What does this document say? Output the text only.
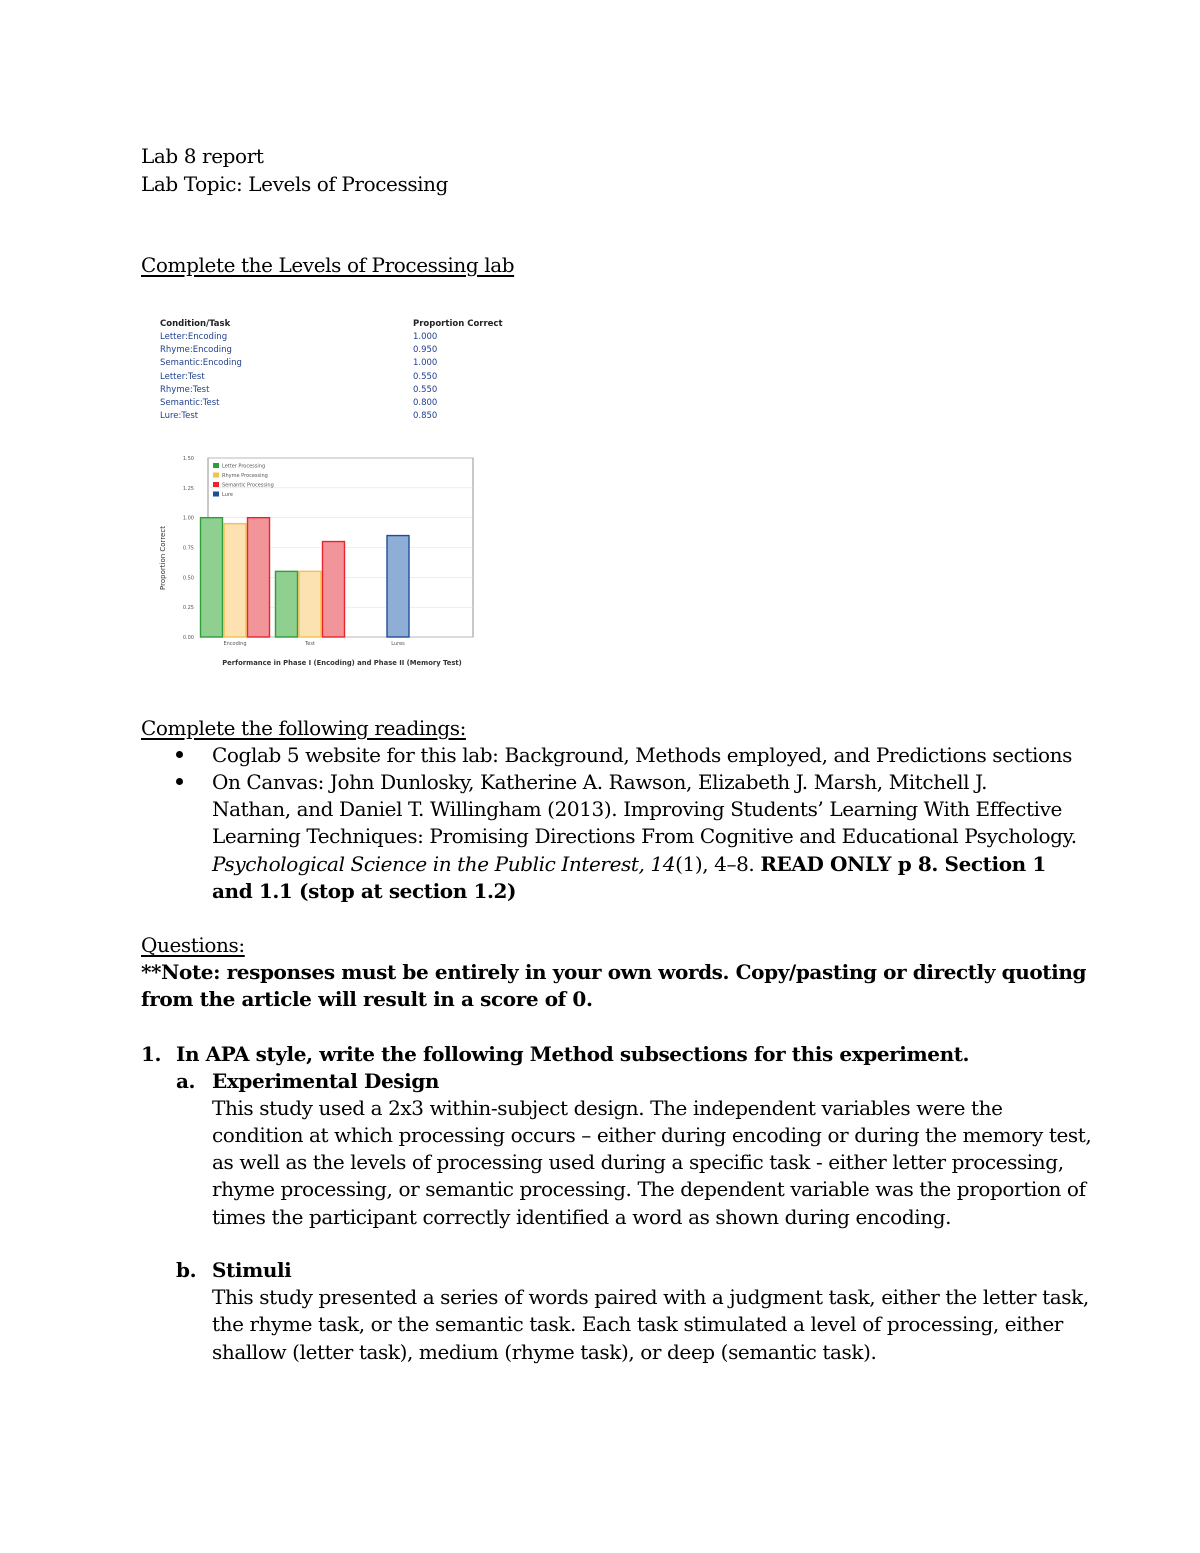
Lab 8 report
Lab Topic: Levels of Processing
Complete the Levels of Processing lab
Condition/Task	Proportion Correct
Letter:Encoding	1.000
Rhyme:Encoding	0.950
Semantic:Encoding	1.000
Letter:Test	0.550
Rhyme:Test	0.550
Semantic:Test	0.800
Lure:Test	0.850
0.00
0.25
0.50
0.75
1.00
1.25
1.50
Encoding	Test	Lures
Letter Processing
Rhyme Processing
Semantic Processing
Lure
Proportion Correct
Performance in Phase I (Encoding) and Phase II (Memory Test)
Complete the following readings:
Coglab 5 website for this lab: Background, Methods employed, and Predictions sections
On Canvas: John Dunlosky, Katherine A. Rawson, Elizabeth J. Marsh, Mitchell J.
Nathan, and Daniel T. Willingham (2013). Improving Students’ Learning With Effective
Learning Techniques: Promising Directions From Cognitive and Educational Psychology.
Psychological Science in the Public Interest, 14(1), 4–8. READ ONLY p 8. Section 1
and 1.1 (stop at section 1.2)
Questions:
**Note: responses must be entirely in your own words. Copy/pasting or directly quoting
from the article will result in a score of 0.
1. In APA style, write the following Method subsections for this experiment.
a. Experimental Design
This study used a 2x3 within-subject design. The independent variables were the
condition at which processing occurs – either during encoding or during the memory test,
as well as the levels of processing used during a specific task - either letter processing,
rhyme processing, or semantic processing. The dependent variable was the proportion of
times the participant correctly identified a word as shown during encoding.
b. Stimuli
This study presented a series of words paired with a judgment task, either the letter task,
the rhyme task, or the semantic task. Each task stimulated a level of processing, either
shallow (letter task), medium (rhyme task), or deep (semantic task).
